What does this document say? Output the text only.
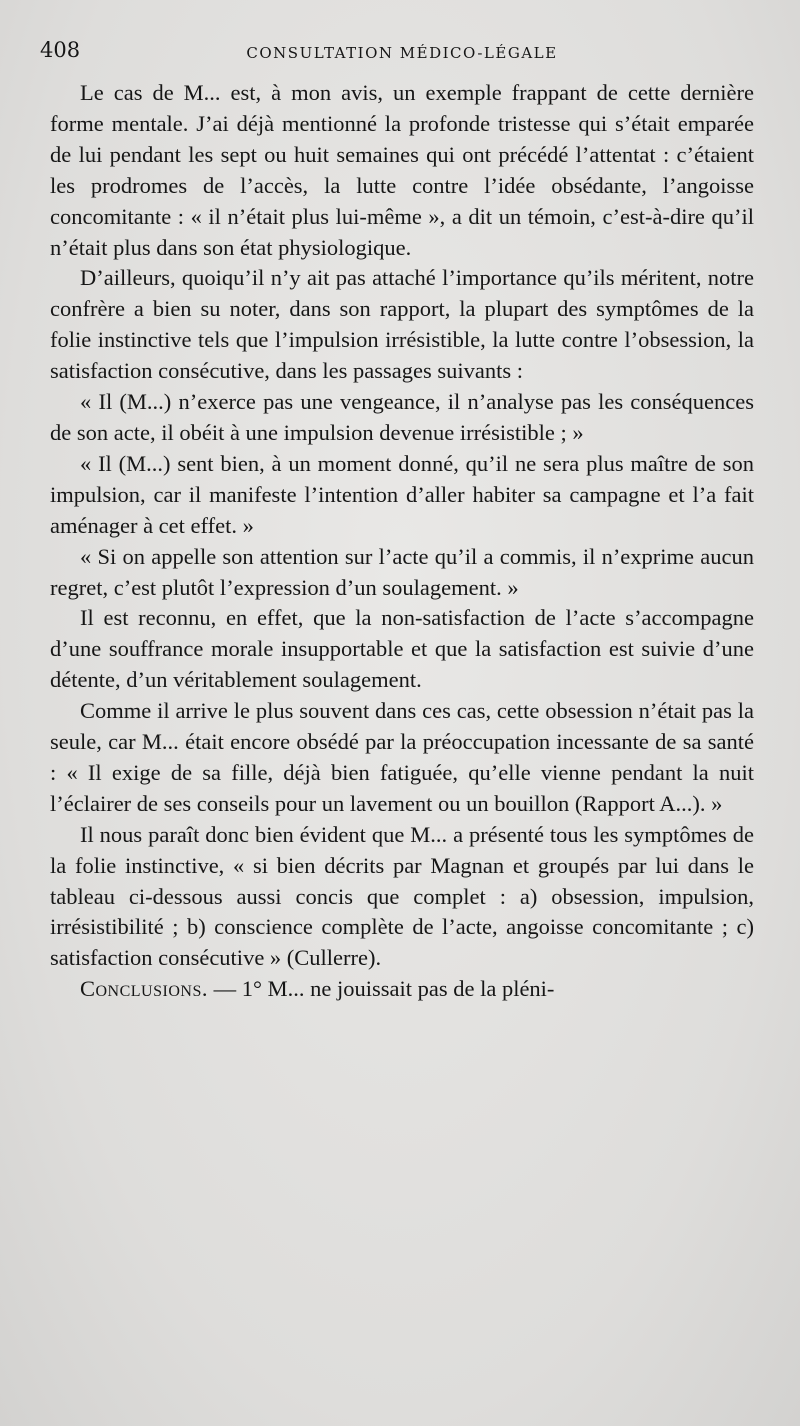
408	CONSULTATION MÉDICO-LÉGALE

Le cas de M... est, à mon avis, un exemple frappant de cette dernière forme mentale. J’ai déjà mentionné la profonde tristesse qui s’était emparée de lui pendant les sept ou huit semaines qui ont précédé l’attentat : c’étaient les prodromes de l’accès, la lutte contre l’idée obsédante, l’angoisse concomitante : « il n’était plus lui-même », a dit un témoin, c’est-à-dire qu’il n’était plus dans son état physiologique.

D’ailleurs, quoiqu’il n’y ait pas attaché l’importance qu’ils méritent, notre confrère a bien su noter, dans son rapport, la plupart des symptômes de la folie instinctive tels que l’impulsion irrésistible, la lutte contre l’obsession, la satisfaction consécutive, dans les passages suivants :

« Il (M...) n’exerce pas une vengeance, il n’analyse pas les conséquences de son acte, il obéit à une impulsion devenue irrésistible ; »

« Il (M...) sent bien, à un moment donné, qu’il ne sera plus maître de son impulsion, car il manifeste l’intention d’aller habiter sa campagne et l’a fait aménager à cet effet. »

« Si on appelle son attention sur l’acte qu’il a commis, il n’exprime aucun regret, c’est plutôt l’expression d’un soulagement. »

Il est reconnu, en effet, que la non-satisfaction de l’acte s’accompagne d’une souffrance morale insupportable et que la satisfaction est suivie d’une détente, d’un véritablement soulagement.

Comme il arrive le plus souvent dans ces cas, cette obsession n’était pas la seule, car M... était encore obsédé par la préoccupation incessante de sa santé : « Il exige de sa fille, déjà bien fatiguée, qu’elle vienne pendant la nuit l’éclairer de ses conseils pour un lavement ou un bouillon (Rapport A...). »

Il nous paraît donc bien évident que M... a présenté tous les symptômes de la folie instinctive, « si bien décrits par Magnan et groupés par lui dans le tableau ci-dessous aussi concis que complet : a) obsession, impulsion, irrésistibilité ; b) conscience complète de l’acte, angoisse concomitante ; c) satisfaction consécutive » (Cullerre).

Conclusions. — 1° M... ne jouissait pas de la pléni-
